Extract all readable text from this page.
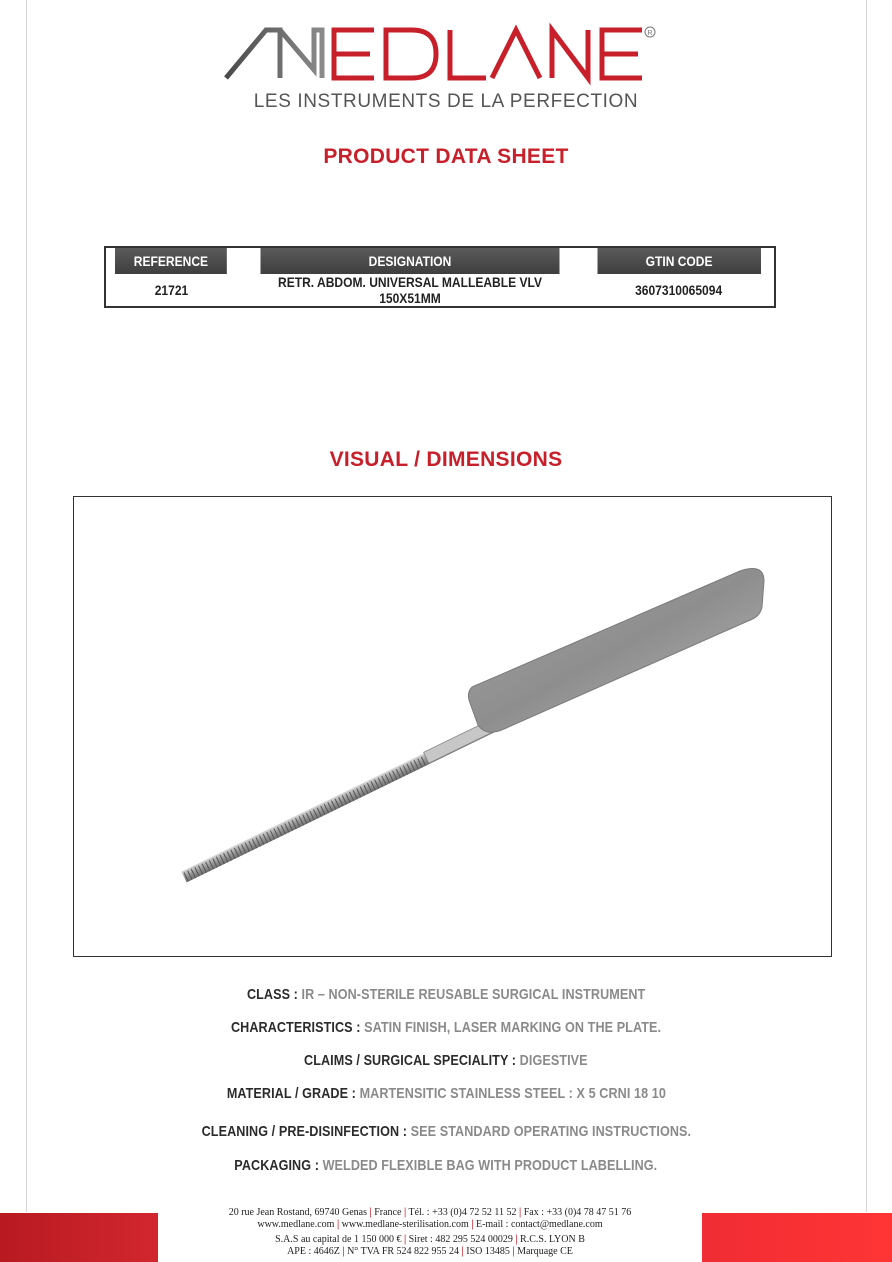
R
LES INSTRUMENTS DE LA PERFECTION
PRODUCT DATA SHEET
REFERENCE	DESIGNATION	GTIN CODE
21721	RETR. ABDOM. UNIVERSAL MALLEABLE VLV 150X51MM	3607310065094
VISUAL / DIMENSIONS
CLASS : IR – NON-STERILE REUSABLE SURGICAL INSTRUMENT
CHARACTERISTICS : SATIN FINISH, LASER MARKING ON THE PLATE.
CLAIMS / SURGICAL SPECIALITY : DIGESTIVE
MATERIAL / GRADE : MARTENSITIC STAINLESS STEEL : X 5 CRNI 18 10
CLEANING / PRE-DISINFECTION : SEE STANDARD OPERATING INSTRUCTIONS.
PACKAGING : WELDED FLEXIBLE BAG WITH PRODUCT LABELLING.
20 rue Jean Rostand, 69740 Genas | France | Tél. : +33 (0)4 72 52 11 52 | Fax : +33 (0)4 78 47 51 76
www.medlane.com | www.medlane-sterilisation.com | E-mail : contact@medlane.com
S.A.S au capital de 1 150 000 € | Siret : 482 295 524 00029 | R.C.S. LYON B
APE : 4646Z | N° TVA FR 524 822 955 24 | ISO 13485 | Marquage CE
